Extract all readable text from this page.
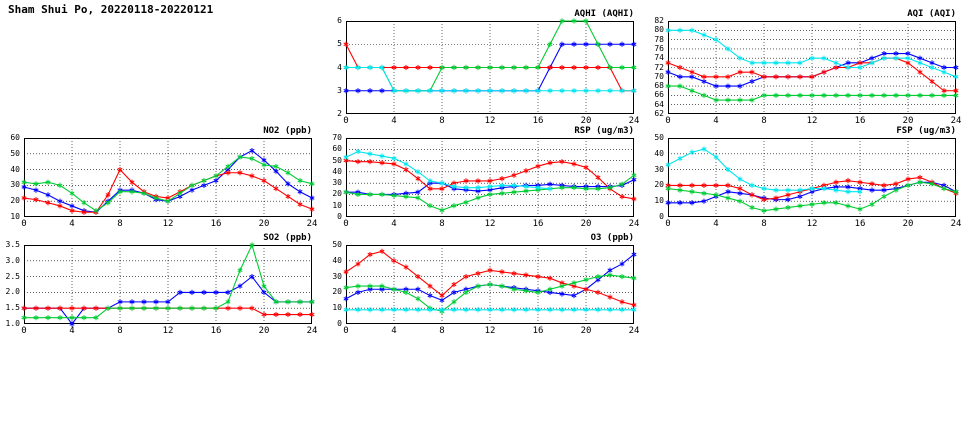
Sham Shui Po, 20220118-20220121	AQHI (AQHI)
0	4	8	12	16	20	24
2
3
4
5
6
AQI (AQI)
0	4	8	12	16	20	24
62
64
66
68
70
72
74
76
78
80
82
NO2 (ppb)
0	4	8	12	16	20	24
10
20
30
40
50
60
RSP (ug/m3)
0	4	8	12	16	20	24
0
10
20
30
40
50
60
70
FSP (ug/m3)
0	4	8	12	16	20	24
0
10
20
30
40
50
SO2 (ppb)
0	4	8	12	16	20	24
1.0
1.5
2.0
2.5
3.0
3.5
O3 (ppb)
0	4	8	12	16	20	24
0
10
20
30
40
50
